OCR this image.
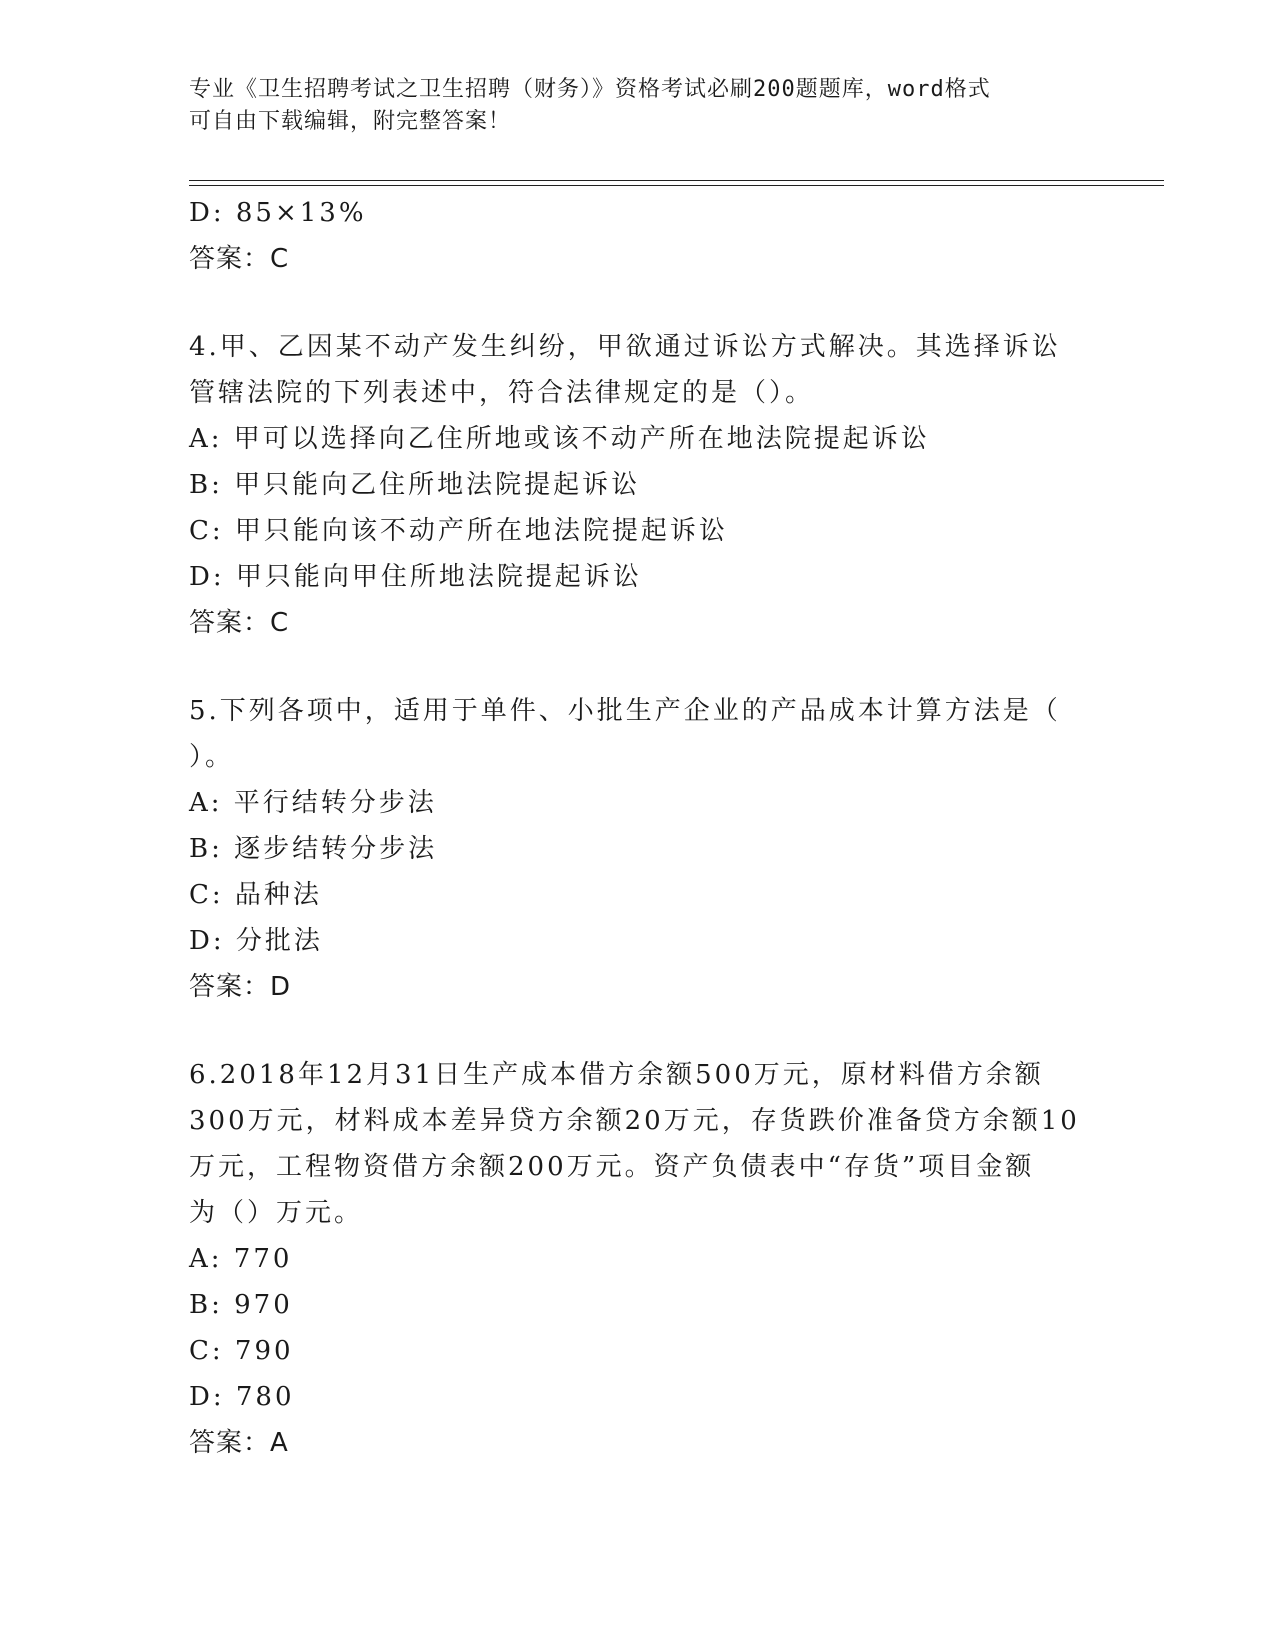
专业《卫生招聘考试之卫生招聘（财务）》资格考试必刷200题题库，word格式
可自由下载编辑，附完整答案！
D: 85×13%
答案：C
4.甲、乙因某不动产发生纠纷，甲欲通过诉讼方式解决。其选择诉讼
管辖法院的下列表述中，符合法律规定的是（）。
A: 甲可以选择向乙住所地或该不动产所在地法院提起诉讼
B: 甲只能向乙住所地法院提起诉讼
C: 甲只能向该不动产所在地法院提起诉讼
D: 甲只能向甲住所地法院提起诉讼
答案：C
5.下列各项中，适用于单件、小批生产企业的产品成本计算方法是（
）。
A: 平行结转分步法
B: 逐步结转分步法
C: 品种法
D: 分批法
答案：D
6.2018年12月31日生产成本借方余额500万元，原材料借方余额
300万元，材料成本差异贷方余额20万元，存货跌价准备贷方余额10
万元，工程物资借方余额200万元。资产负债表中“存货”项目金额
为（）万元。
A: 770
B: 970
C: 790
D: 780
答案：A
